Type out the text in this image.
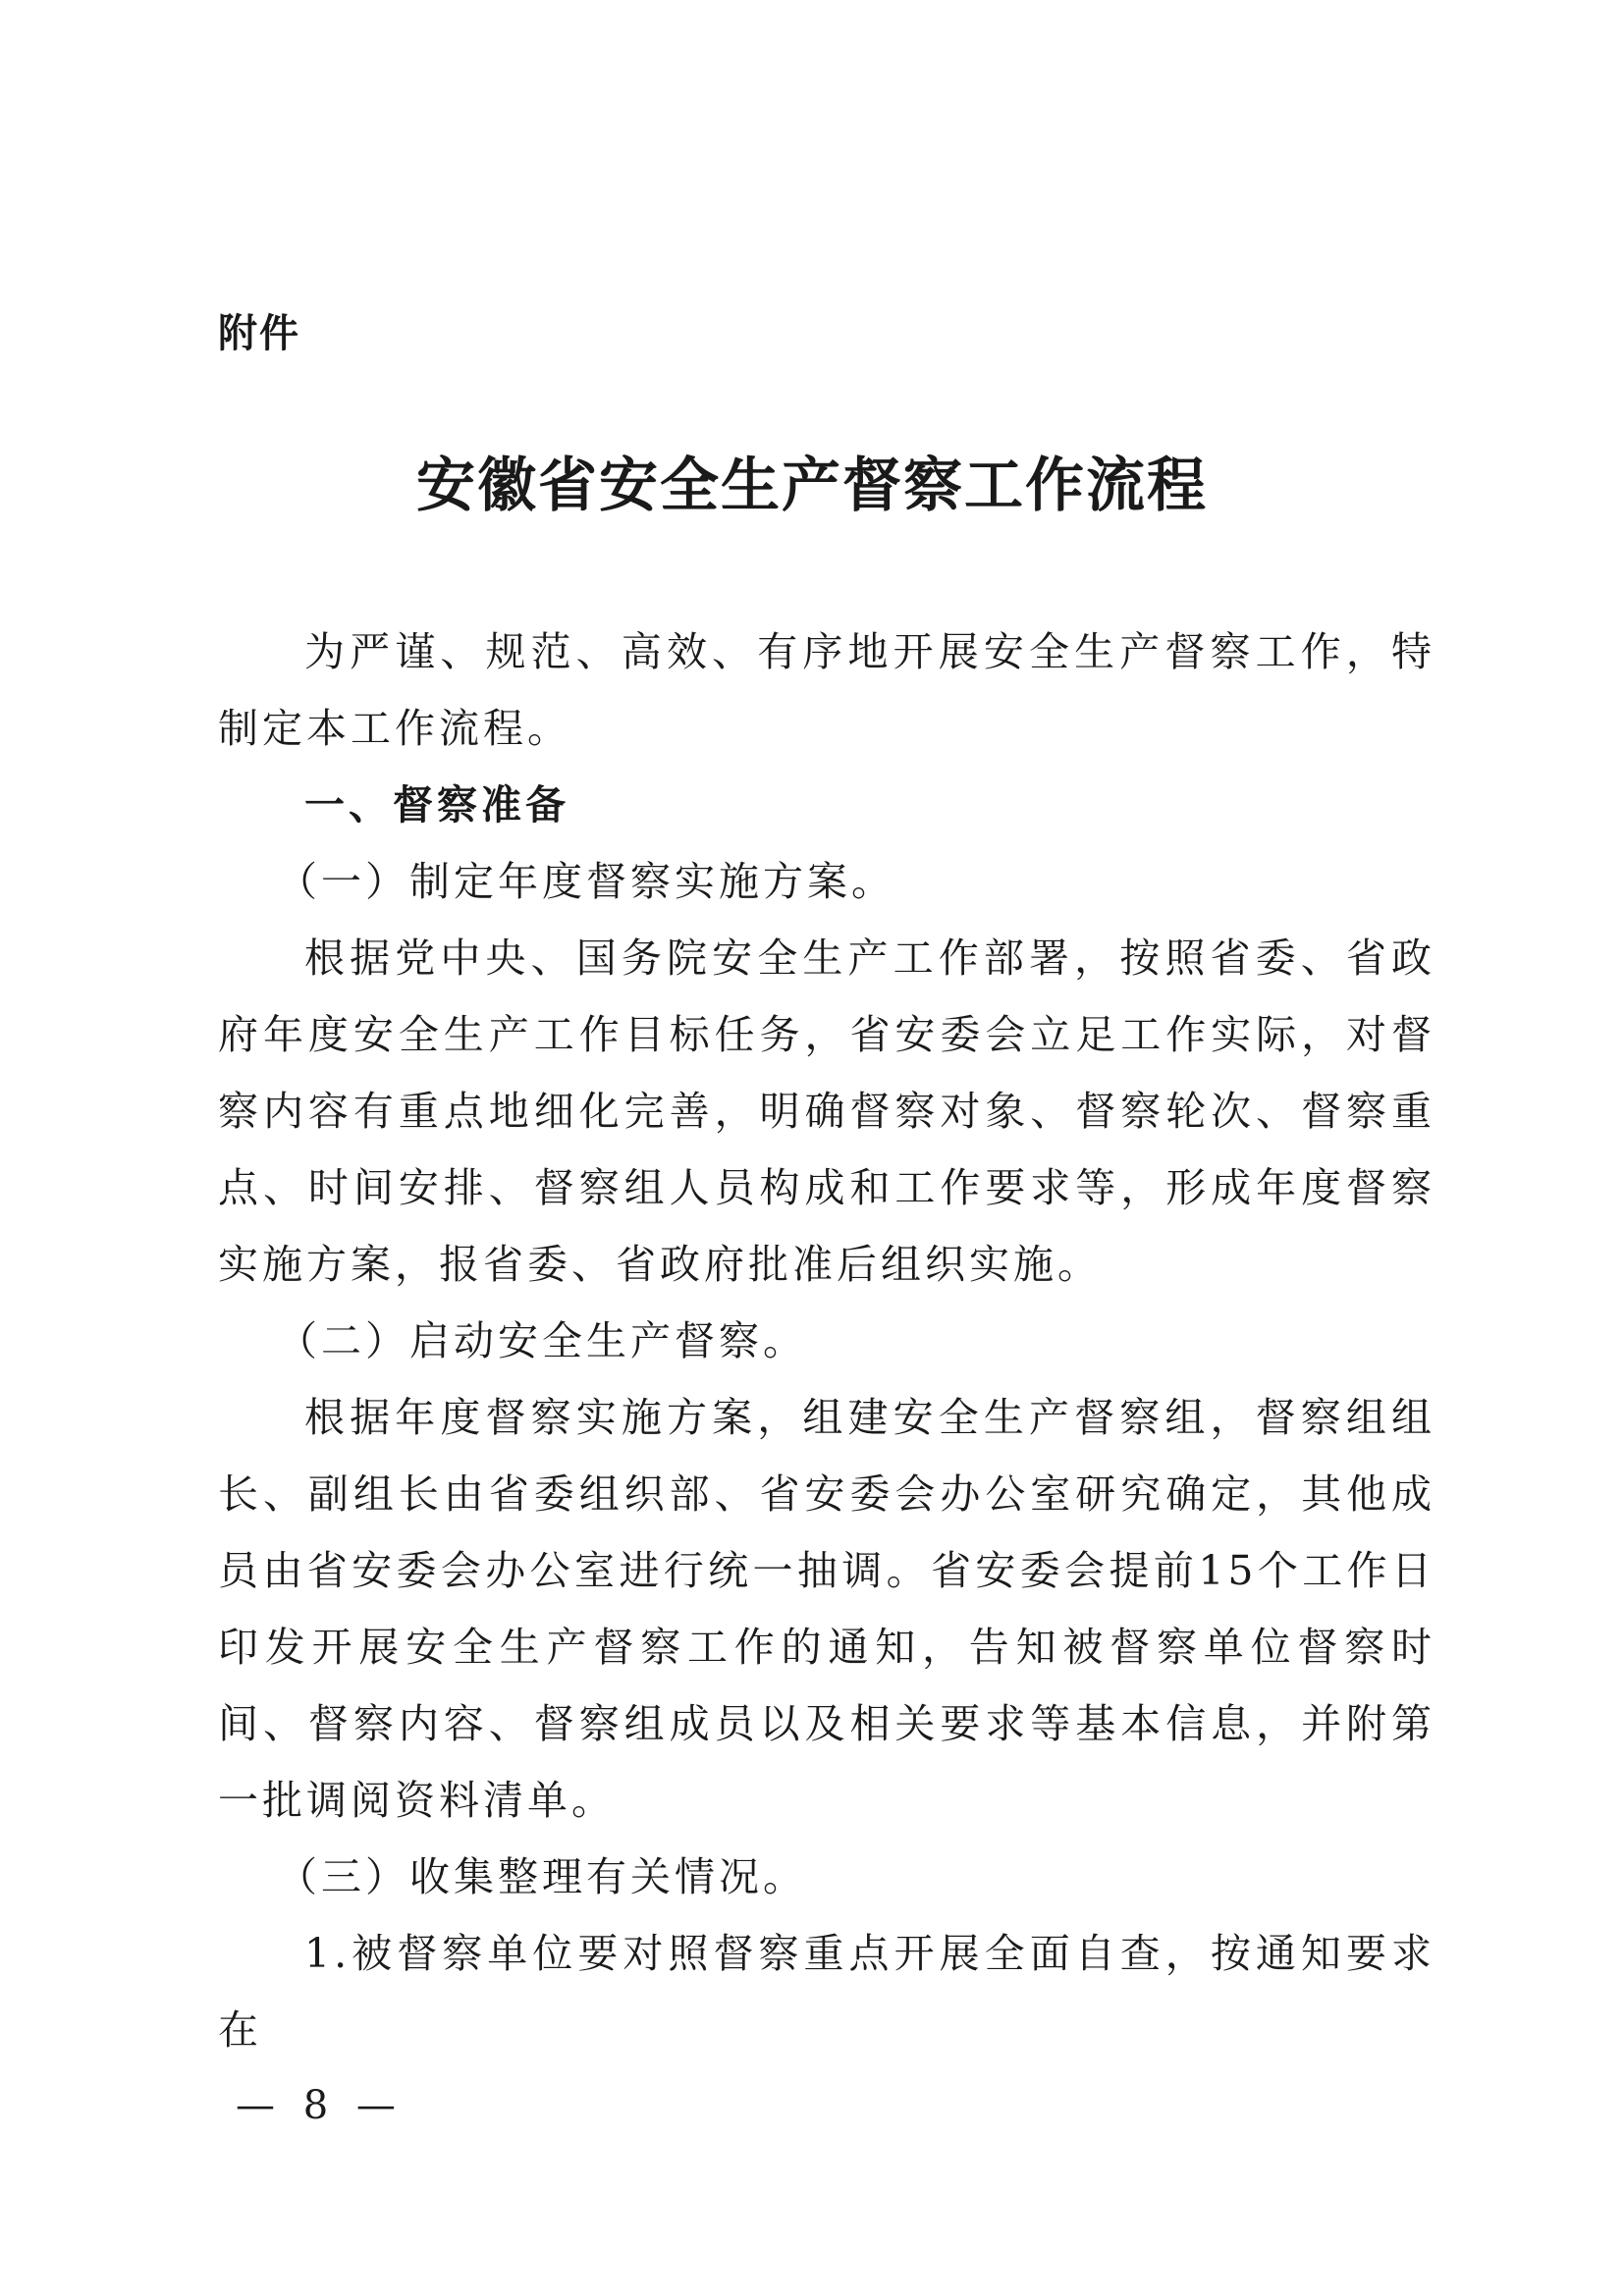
附件
安徽省安全生产督察工作流程

为严谨、规范、高效、有序地开展安全生产督察工作，特制定本工作流程。

一、督察准备

（一）制定年度督察实施方案。

根据党中央、国务院安全生产工作部署，按照省委、省政府年度安全生产工作目标任务，省安委会立足工作实际，对督察内容有重点地细化完善，明确督察对象、督察轮次、督察重点、时间安排、督察组人员构成和工作要求等，形成年度督察实施方案，报省委、省政府批准后组织实施。

（二）启动安全生产督察。

根据年度督察实施方案，组建安全生产督察组，督察组组长、副组长由省委组织部、省安委会办公室研究确定，其他成员由省安委会办公室进行统一抽调。省安委会提前15个工作日印发开展安全生产督察工作的通知，告知被督察单位督察时间、督察内容、督察组成员以及相关要求等基本信息，并附第一批调阅资料清单。

（三）收集整理有关情况。

1.被督察单位要对照督察重点开展全面自查，按通知要求在

— 8 —
